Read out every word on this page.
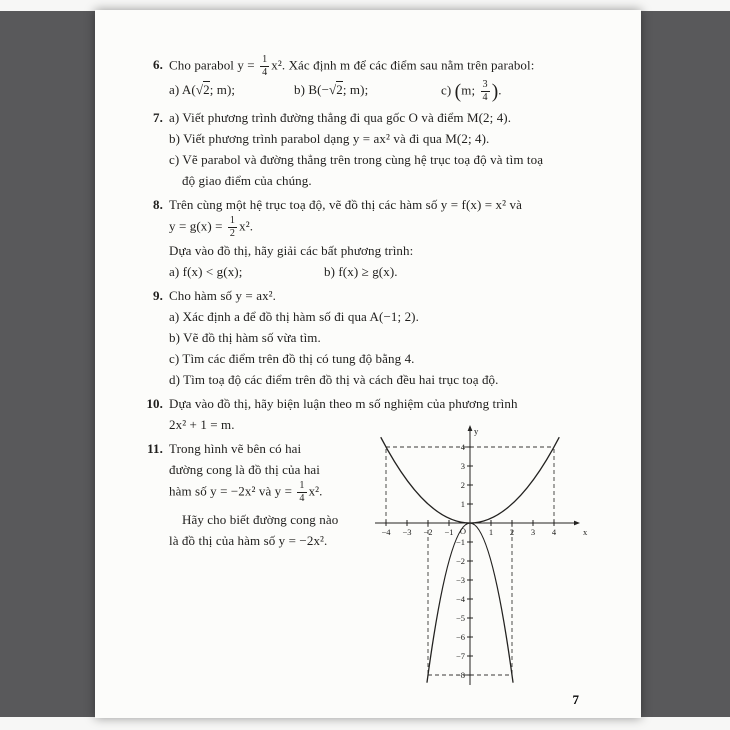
6. Cho parabol $y = \frac{1}{4} x^2$. Xác định m để các điểm sau nằm trên parabol:
a) A(√2; m);	b) B(−√2; m);	c) (m; $\frac{3}{4}$ ).
7. a) Viết phương trình đường thẳng đi qua gốc O và điểm M(2; 4).
b) Viết phương trình parabol dạng y = ax² và đi qua M(2; 4).
c) Vẽ parabol và đường thẳng trên trong cùng hệ trục toạ độ và tìm toạ
độ giao điểm của chúng.
8. Trên cùng một hệ trục toạ độ, vẽ đồ thị các hàm số y = f(x) = x² và
$y = g(x) = \frac{1}{2} x^2$.
Dựa vào đồ thị, hãy giải các bất phương trình:
a) f(x) < g(x);	b) f(x) ≥ g(x).
9. Cho hàm số y = ax².
a) Xác định a để đồ thị hàm số đi qua A(−1; 2).
b) Vẽ đồ thị hàm số vừa tìm.
c) Tìm các điểm trên đồ thị có tung độ bằng 4.
d) Tìm toạ độ các điểm trên đồ thị và cách đều hai trục toạ độ.
10. Dựa vào đồ thị, hãy biện luận theo m số nghiệm của phương trình
2x² + 1 = m.
11. Trong hình vẽ bên có hai
đường cong là đồ thị của hai
hàm số y = −2x² và $y = \frac{1}{4} x^2$.
Hãy cho biết đường cong nào
là đồ thị của hàm số y = −2x².
−4 −3 −2 −1	1 2 3 4
4
3
2
1
−1
−2
−3
−4
−5
−6
−7
−8
y
x
O
7
